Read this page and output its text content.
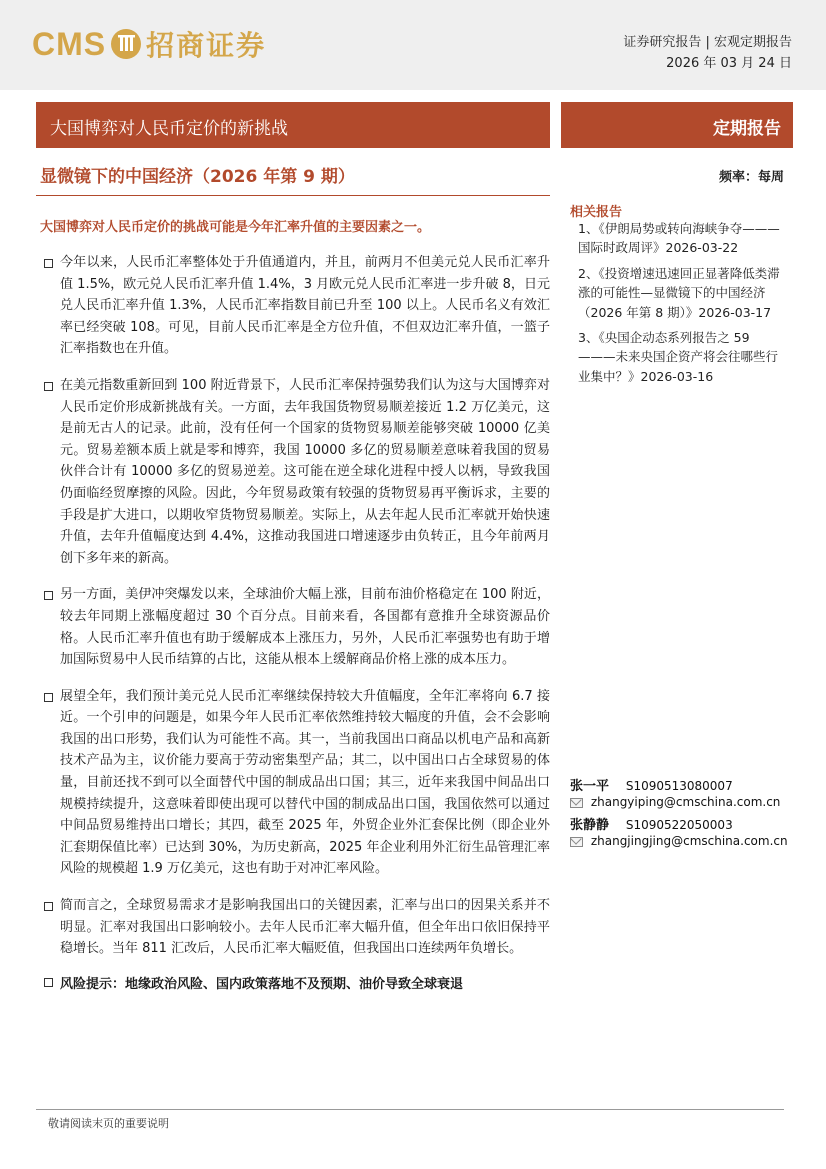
CMS 招商证券	证券研究报告 | 宏观定期报告
2026 年 03 月 24 日
大国博弈对人民币定价的新挑战	定期报告
显微镜下的中国经济（2026 年第 9 期）	频率：每周
大国博弈对人民币定价的挑战可能是今年汇率升值的主要因素之一。
今年以来，人民币汇率整体处于升值通道内，并且，前两月不但美元兑人民币汇率升值 1.5%，欧元兑人民币汇率升值 1.4%，3 月欧元兑人民币汇率进一步升破 8，日元兑人民币汇率升值 1.3%，人民币汇率指数目前已升至 100 以上。人民币名义有效汇率已经突破 108。可见，目前人民币汇率是全方位升值，不但双边汇率升值，一篮子汇率指数也在升值。
在美元指数重新回到 100 附近背景下，人民币汇率保持强势我们认为这与大国博弈对人民币定价形成新挑战有关。一方面，去年我国货物贸易顺差接近 1.2 万亿美元，这是前无古人的记录。此前，没有任何一个国家的货物贸易顺差能够突破 10000 亿美元。贸易差额本质上就是零和博弈，我国 10000 多亿的贸易顺差意味着我国的贸易伙伴合计有 10000 多亿的贸易逆差。这可能在逆全球化进程中授人以柄，导致我国仍面临经贸摩擦的风险。因此，今年贸易政策有较强的货物贸易再平衡诉求，主要的手段是扩大进口，以期收窄货物贸易顺差。实际上，从去年起人民币汇率就开始快速升值，去年升值幅度达到 4.4%，这推动我国进口增速逐步由负转正，且今年前两月创下多年来的新高。
另一方面，美伊冲突爆发以来，全球油价大幅上涨，目前布油价格稳定在 100 附近，较去年同期上涨幅度超过 30 个百分点。目前来看，各国都有意推升全球资源品价格。人民币汇率升值也有助于缓解成本上涨压力，另外，人民币汇率强势也有助于增加国际贸易中人民币结算的占比，这能从根本上缓解商品价格上涨的成本压力。
展望全年，我们预计美元兑人民币汇率继续保持较大升值幅度，全年汇率将向 6.7 接近。一个引申的问题是，如果今年人民币汇率依然维持较大幅度的升值，会不会影响我国的出口形势，我们认为可能性不高。其一，当前我国出口商品以机电产品和高新技术产品为主，议价能力要高于劳动密集型产品；其二，以中国出口占全球贸易的体量，目前还找不到可以全面替代中国的制成品出口国；其三，近年来我国中间品出口规模持续提升，这意味着即使出现可以替代中国的制成品出口国，我国依然可以通过中间品贸易维持出口增长；其四，截至 2025 年，外贸企业外汇套保比例（即企业外汇套期保值比率）已达到 30%，为历史新高，2025 年企业利用外汇衍生品管理汇率风险的规模超 1.9 万亿美元，这也有助于对冲汇率风险。
简而言之，全球贸易需求才是影响我国出口的关键因素，汇率与出口的因果关系并不明显。汇率对我国出口影响较小。去年人民币汇率大幅升值，但全年出口依旧保持平稳增长。当年 811 汇改后，人民币汇率大幅贬值，但我国出口连续两年负增长。
风险提示：地缘政治风险、国内政策落地不及预期、油价导致全球衰退
相关报告
1、《伊朗局势或转向海峡争夺———国际时政周评》2026-03-22
2、《投资增速迅速回正显著降低类滞涨的可能性—显微镜下的中国经济（2026 年第 8 期）》2026-03-17
3、《央国企动态系列报告之 59———未来央国企资产将会往哪些行业集中？》2026-03-16
张一平 S1090513080007
zhangyiping@cmschina.com.cn
张静静 S1090522050003
zhangjingjing@cmschina.com.cn
敬请阅读末页的重要说明
